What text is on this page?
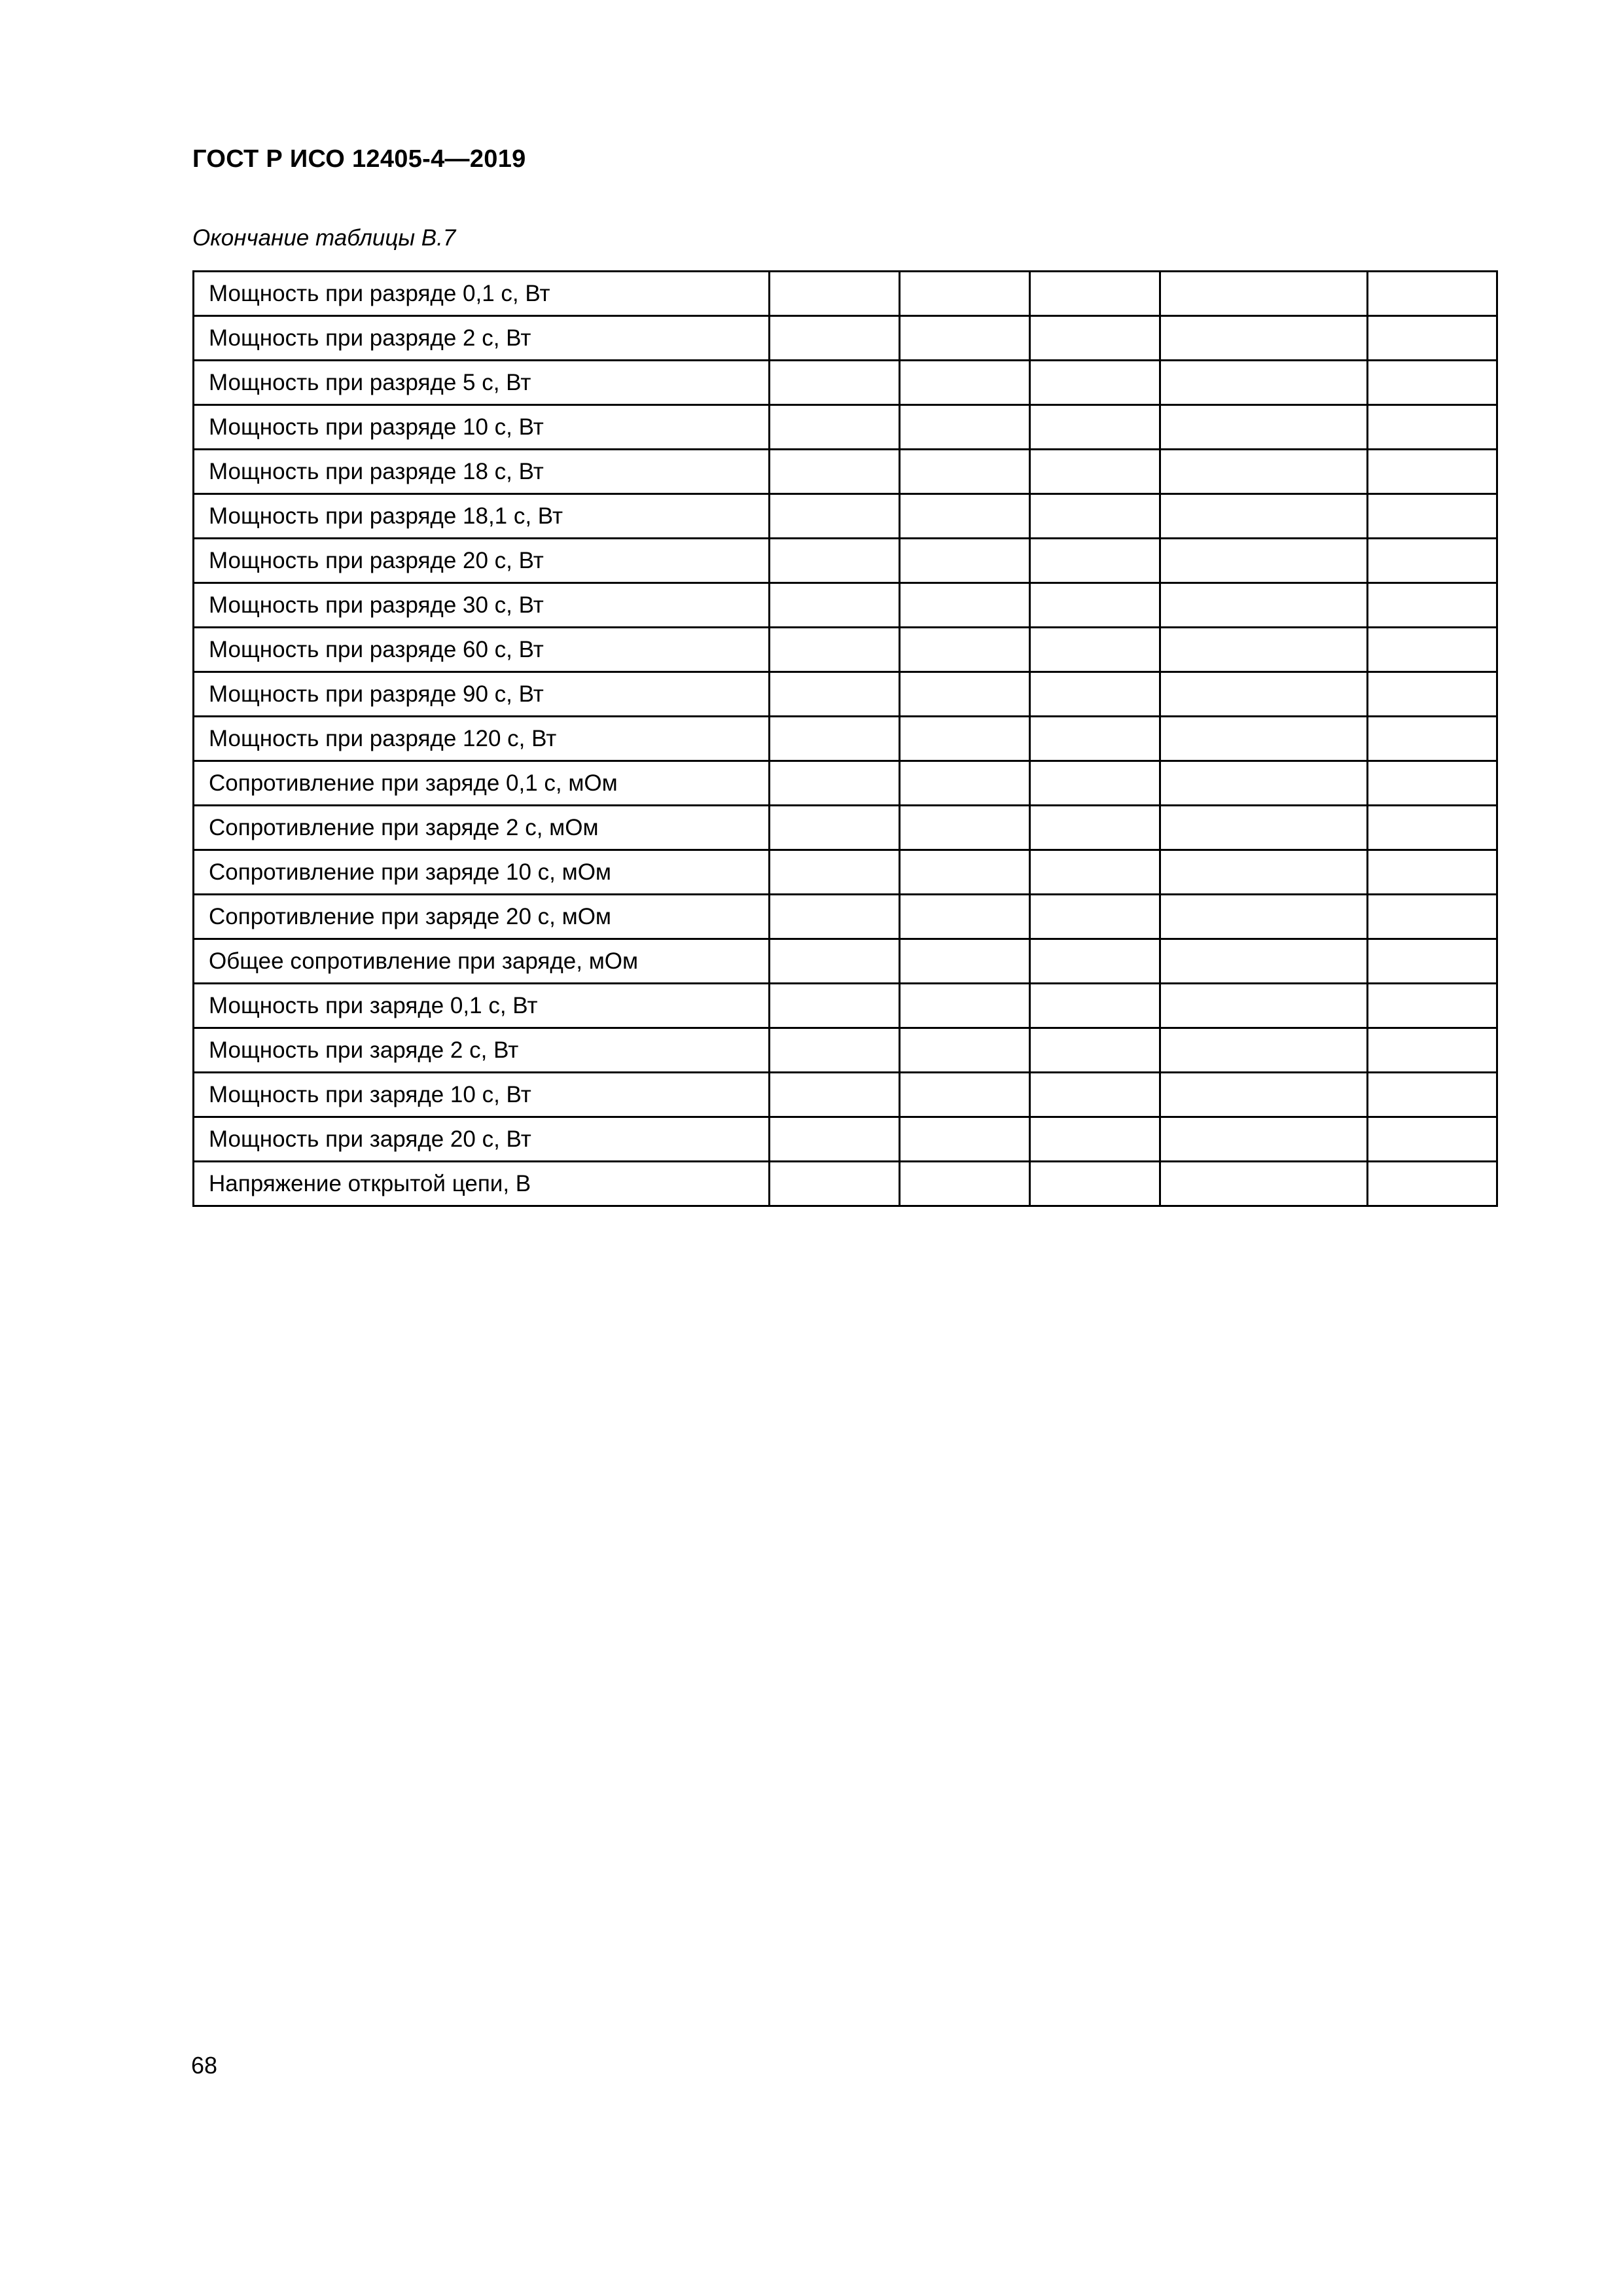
ГОСТ Р ИСО 12405-4—2019
Окончание таблицы В.7
Мощность при разряде 0,1 с, Вт					
Мощность при разряде 2 с, Вт					
Мощность при разряде 5 с, Вт					
Мощность при разряде 10 с, Вт					
Мощность при разряде 18 с, Вт					
Мощность при разряде 18,1 с, Вт					
Мощность при разряде 20 с, Вт					
Мощность при разряде 30 с, Вт					
Мощность при разряде 60 с, Вт					
Мощность при разряде 90 с, Вт					
Мощность при разряде 120 с, Вт					
Сопротивление при заряде 0,1 с, мОм					
Сопротивление при заряде 2 с, мОм					
Сопротивление при заряде 10 с, мОм					
Сопротивление при заряде 20 с, мОм					
Общее сопротивление при заряде, мОм					
Мощность при заряде 0,1 с, Вт					
Мощность при заряде 2 с, Вт					
Мощность при заряде 10 с, Вт					
Мощность при заряде 20 с, Вт					
Напряжение открытой цепи, В					
68
